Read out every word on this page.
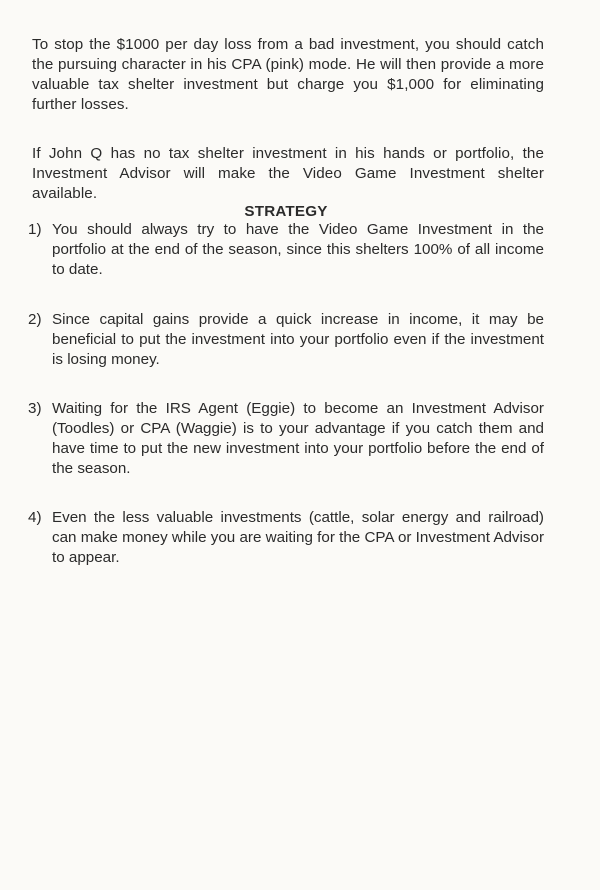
To stop the $1000 per day loss from a bad investment, you should catch the pursuing character in his CPA (pink) mode. He will then provide a more valuable tax shelter investment but charge you $1,000 for eliminating further losses.

If John Q has no tax shelter investment in his hands or portfolio, the Investment Advisor will make the Video Game Investment shelter available.

STRATEGY
1) You should always try to have the Video Game Investment in the portfolio at the end of the season, since this shelters 100% of all income to date.
2) Since capital gains provide a quick increase in income, it may be beneficial to put the investment into your portfolio even if the investment is losing money.
3) Waiting for the IRS Agent (Eggie) to become an Investment Advisor (Toodles) or CPA (Waggie) is to your advantage if you catch them and have time to put the new investment into your portfolio before the end of the season.
4) Even the less valuable investments (cattle, solar energy and railroad) can make money while you are waiting for the CPA or Investment Advisor to appear.
